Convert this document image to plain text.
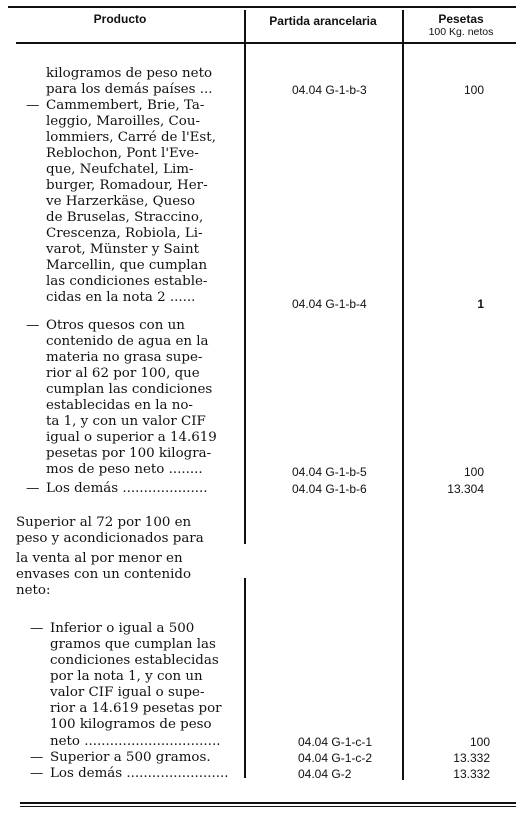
Producto	Partida arancelaria	Pesetas
100 Kg. netos
kilogramos de peso neto
para los demás países ...	04.04 G-1-b-3	100
— Cammembert, Brie, Ta-
leggio, Maroilles, Cou-
lommiers, Carré de l'Est,
Reblochon, Pont l'Eve-
que, Neufchatel, Lim-
burger, Romadour, Her-
ve Harzerkäse, Queso
de Bruselas, Straccino,
Crescenza, Robiola, Li-
varot, Münster y Saint
Marcellin, que cumplan
las condiciones estable-
cidas en la nota 2 ......	04.04 G-1-b-4	1
— Otros quesos con un
contenido de agua en la
materia no grasa supe-
rior al 62 por 100, que
cumplan las condiciones
establecidas en la no-
ta 1, y con un valor CIF
igual o superior a 14.619
pesetas por 100 kilogra-
mos de peso neto ........	04.04 G-1-b-5	100
— Los demás ....................	04.04 G-1-b-6	13.304
Superior al 72 por 100 en
peso y acondicionados para
la venta al por menor en
envases con un contenido
neto:
— Inferior o igual a 500
gramos que cumplan las
condiciones establecidas
por la nota 1, y con un
valor CIF igual o supe-
rior a 14.619 pesetas por
100 kilogramos de peso
neto ................................	04.04 G-1-c-1	100
— Superior a 500 gramos.	04.04 G-1-c-2	13.332
— Los demás ........................	04.04 G-2	13.332
